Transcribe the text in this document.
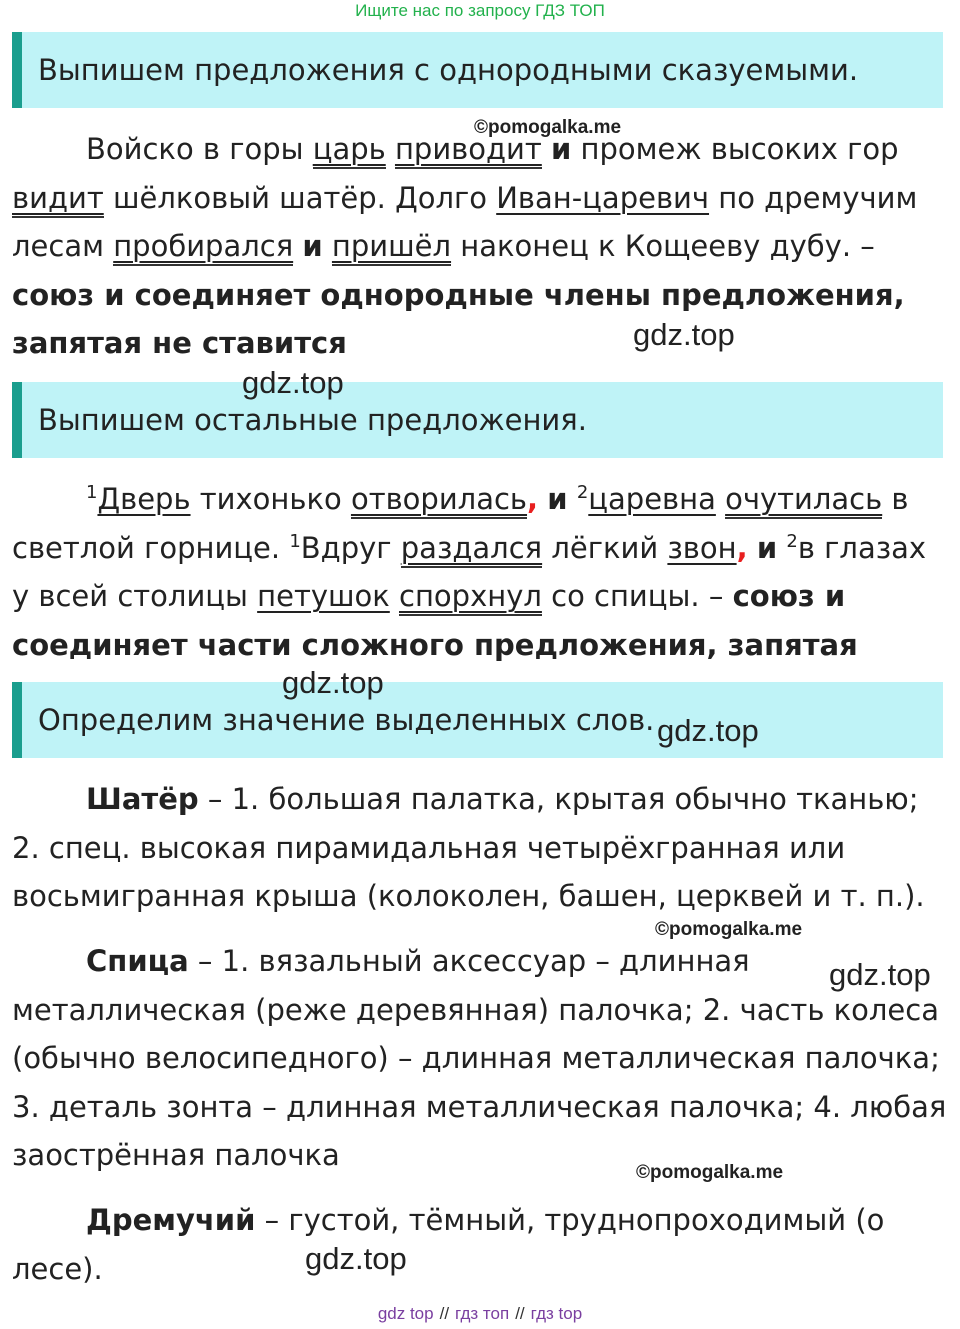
Ищите нас по запросу ГДЗ ТОП
Выпишем предложения с однородными сказуемыми.
Войско в горы царь приводит и промеж высоких гор видит шёлковый шатёр. Долго Иван-царевич по дремучим лесам пробирался и пришёл наконец к Кощееву дубу. – союз и соединяет однородные члены предложения, запятая не ставится
Выпишем остальные предложения.
$^1$Дверь тихонько отворилась, и $^2$царевна очутилась в светлой горнице. $^1$Вдруг раздался лёгкий звон, и $^2$в глазах у всей столицы петушок спорхнул со спицы. – союз и соединяет части сложного предложения, запятая
Определим значение выделенных слов.
Шатёр – 1. большая палатка, крытая обычно тканью; 2. спец. высокая пирамидальная четырёхгранная или восьмигранная крыша (колоколен, башен, церквей и т. п.).
Спица – 1. вязальный аксессуар – длинная металлическая (реже деревянная) палочка; 2. часть колеса (обычно велосипедного) – длинная металлическая палочка; 3. деталь зонта – длинная металлическая палочка; 4. любая заострённая палочка
Дремучий – густой, тёмный, труднопроходимый (о лесе).
©pomogalka.me
gdz.top
gdz.top
gdz.top
gdz.top
©pomogalka.me
gdz.top
©pomogalka.me
gdz.top
gdz top // гдз топ // гдз top
